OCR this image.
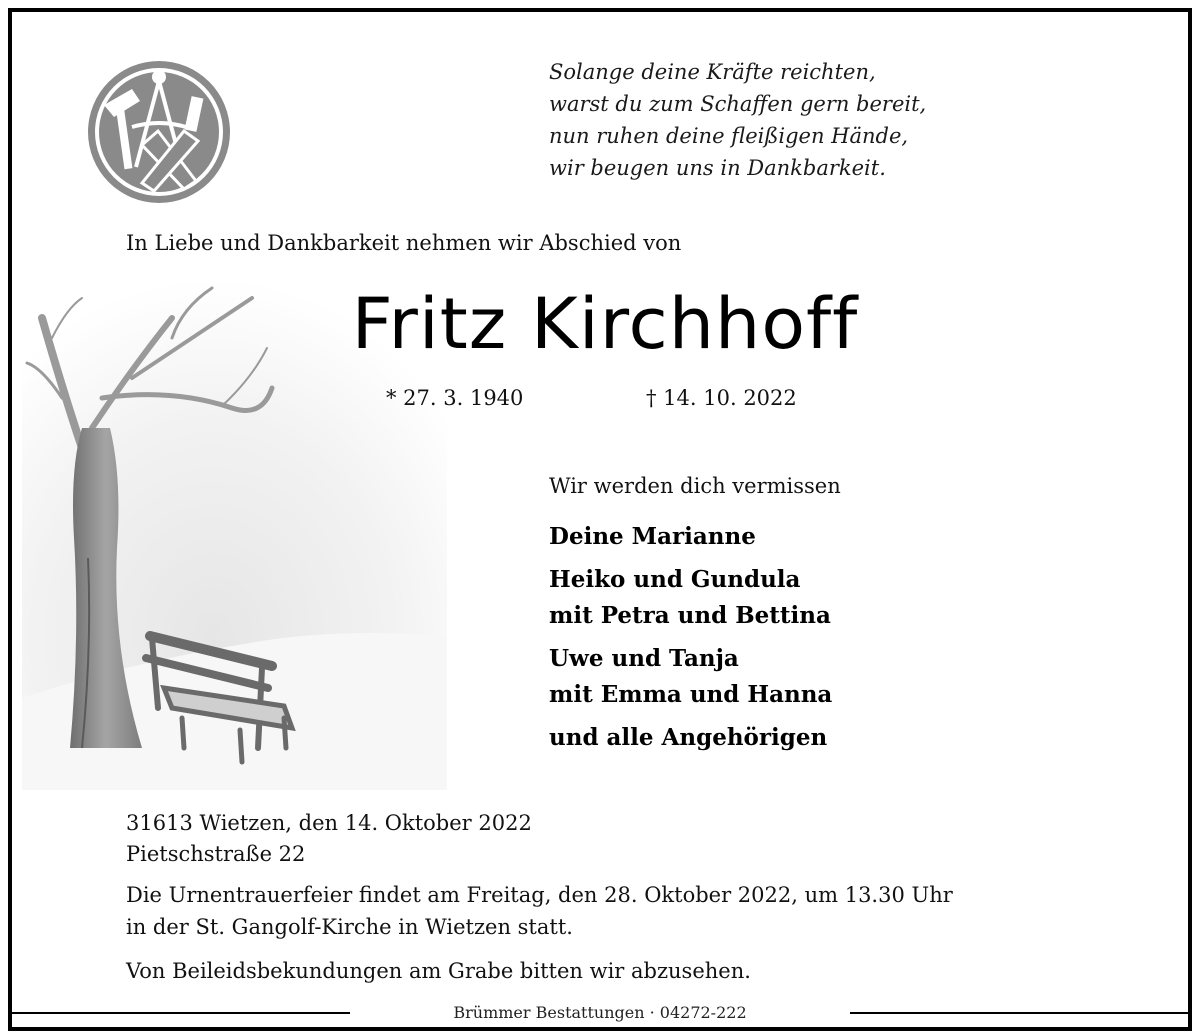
Solange deine Kräfte reichten,
warst du zum Schaffen gern bereit,
nun ruhen deine fleißigen Hände,
wir beugen uns in Dankbarkeit.
In Liebe und Dankbarkeit nehmen wir Abschied von
Fritz Kirchhoff
* 27. 3. 1940	† 14. 10. 2022
Wir werden dich vermissen
Deine Marianne
Heiko und Gundula
mit Petra und Bettina
Uwe und Tanja
mit Emma und Hanna
und alle Angehörigen
31613 Wietzen, den 14. Oktober 2022
Pietschstraße 22
Die Urnentrauerfeier findet am Freitag, den 28. Oktober 2022, um 13.30 Uhr
in der St. Gangolf-Kirche in Wietzen statt.
Von Beileidsbekundungen am Grabe bitten wir abzusehen.
Brümmer Bestattungen · 04272-222
